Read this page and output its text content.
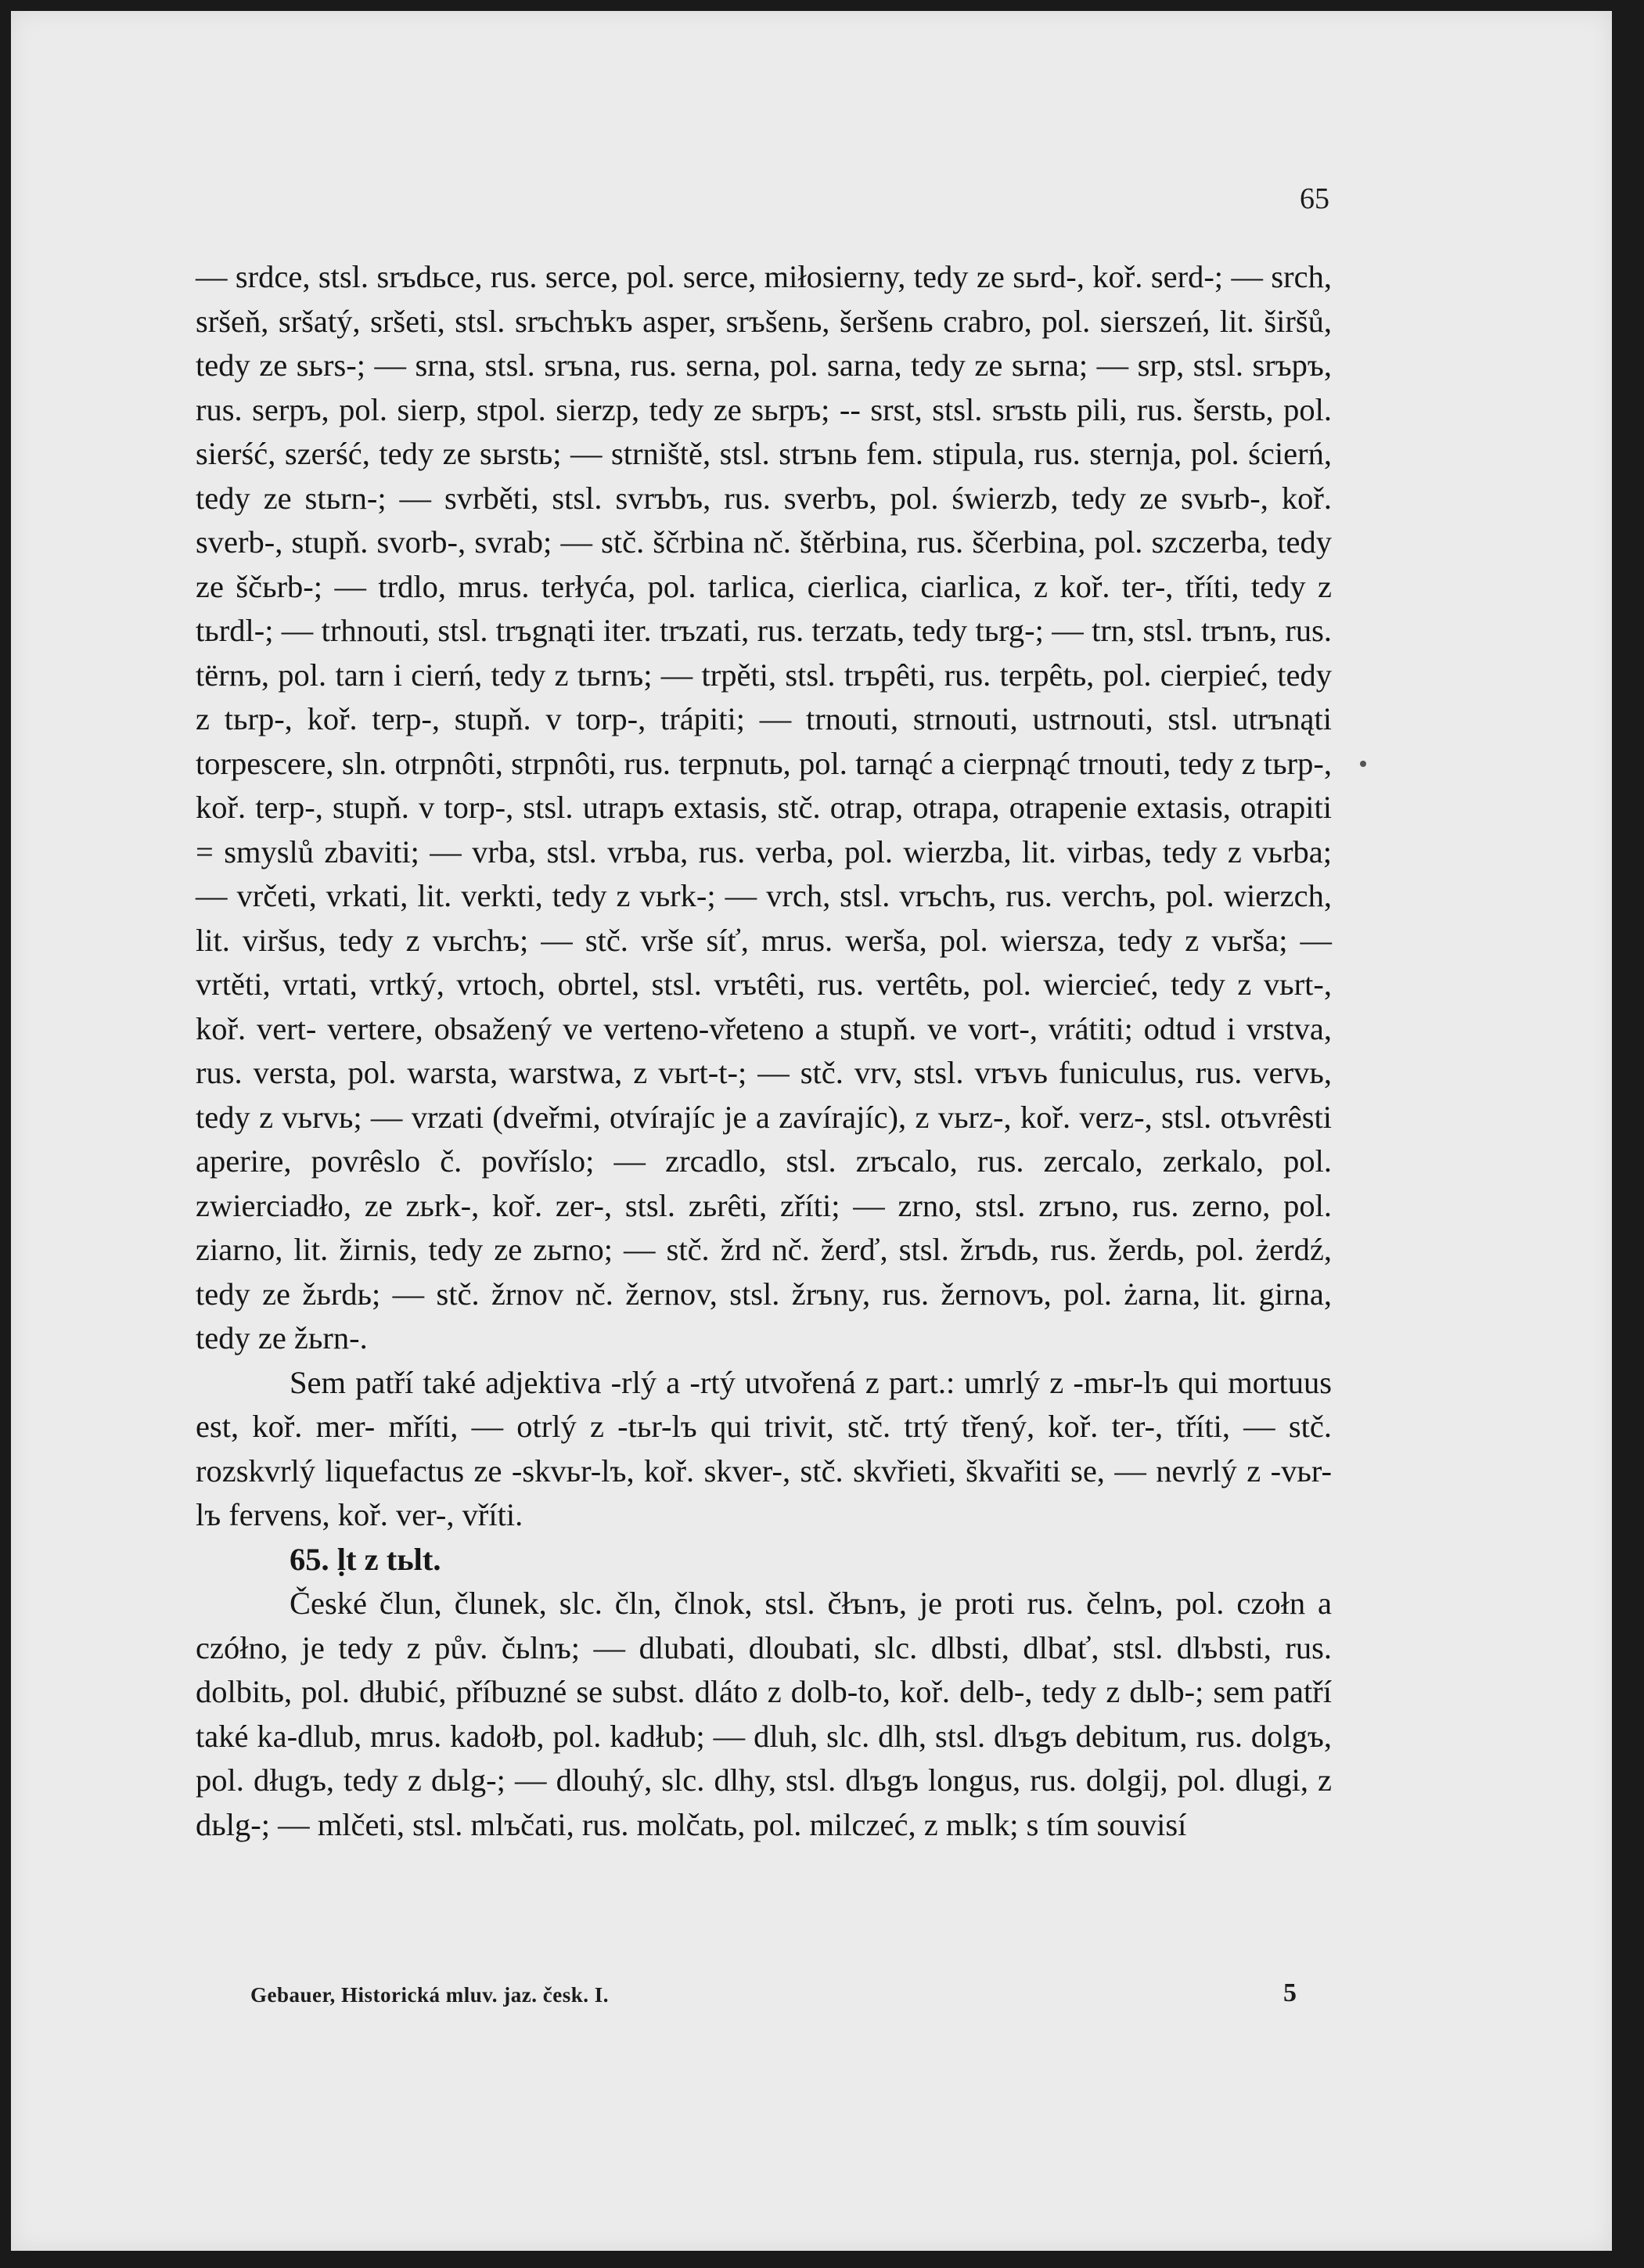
65

— srdce, stsl. srъdьce, rus. serce, pol. serce, miłosierny, tedy ze sьrd-, koř. serd-; — srch, sršeň, sršatý, sršeti, stsl. srъchъkъ asper, srъšenь, šeršenь crabro, pol. sierszeń, lit. širšů, tedy ze sьrs-; — srna, stsl. srъna, rus. serna, pol. sarna, tedy ze sьrna; — srp, stsl. srъpъ, rus. serpъ, pol. sierp, stpol. sierzp, tedy ze sьrpъ; -- srst, stsl. srъstь pili, rus. šerstь, pol. sierść, szerść, tedy ze sьrstь; — strniště, stsl. strъnь fem. stipula, rus. sternja, pol. ścierń, tedy ze stьrn-; — svrběti, stsl. svrъbъ, rus. sverbъ, pol. świerzb, tedy ze svьrb-, koř. sverb-, stupň. svorb-, svrab; — stč. ščrbina nč. štěrbina, rus. ščerbina, pol. szczerba, tedy ze ščьrb-; — trdlo, mrus. terłyća, pol. tarlica, cierlica, ciarlica, z koř. ter-, tříti, tedy z tьrdl-; — trhnouti, stsl. trъgnąti iter. trъzati, rus. terzatь, tedy tьrg-; — trn, stsl. trъnъ, rus. tërnъ, pol. tarn i cierń, tedy z tьrnъ; — trpěti, stsl. trъpêti, rus. terpêtь, pol. cierpieć, tedy z tьrp-, koř. terp-, stupň. v torp-, trápiti; — trnouti, strnouti, ustrnouti, stsl. utrъnąti torpescere, sln. otrpnôti, strpnôti, rus. terpnutь, pol. tarnąć a cierpnąć trnouti, tedy z tьrp-, koř. terp-, stupň. v torp-, stsl. utrapъ extasis, stč. otrap, otrapa, otrapenie extasis, otrapiti = smyslů zbaviti; — vrba, stsl. vrъba, rus. verba, pol. wierzba, lit. virbas, tedy z vьrba; — vrčeti, vrkati, lit. verkti, tedy z vьrk-; — vrch, stsl. vrъchъ, rus. verchъ, pol. wierzch, lit. viršus, tedy z vьrchъ; — stč. vrše síť, mrus. werša, pol. wiersza, tedy z vьrša; — vrtěti, vrtati, vrtký, vrtoch, obrtel, stsl. vrъtêti, rus. vertêtь, pol. wiercieć, tedy z vьrt-, koř. vert- vertere, obsažený ve verteno-vřeteno a stupň. ve vort-, vrátiti; odtud i vrstva, rus. versta, pol. warsta, warstwa, z vьrt-t-; — stč. vrv, stsl. vrъvь funiculus, rus. vervь, tedy z vьrvь; — vrzati (dveřmi, otvírajíc je a zavírajíc), z vьrz-, koř. verz-, stsl. otъvrêsti aperire, povrêslo č. povříslo; — zrcadlo, stsl. zrъcalo, rus. zercalo, zerkalo, pol. zwierciadło, ze zьrk-, koř. zer-, stsl. zьrêti, zříti; — zrno, stsl. zrъno, rus. zerno, pol. ziarno, lit. žirnis, tedy ze zьrno; — stč. žrd nč. žerď, stsl. žrъdь, rus. žerdь, pol. żerdź, tedy ze žьrdь; — stč. žrnov nč. žernov, stsl. žrъny, rus. žernovъ, pol. żarna, lit. girna, tedy ze žьrn-.

Sem patří také adjektiva -rlý a -rtý utvořená z part.: umrlý z -mьr-lъ qui mortuus est, koř. mer- mříti, — otrlý z -tьr-lъ qui trivit, stč. trtý třený, koř. ter-, tříti, — stč. rozskvrlý liquefactus ze -skvьr-lъ, koř. skver-, stč. skvřieti, škvařiti se, — nevrlý z -vьr-lъ fervens, koř. ver-, vříti.

65. ḷt z tьlt.

České člun, člunek, slc. čln, člnok, stsl. čłъnъ, je proti rus. čelnъ, pol. czołn a czółno, je tedy z pův. čьlnъ; — dlubati, dloubati, slc. dlbsti, dlbať, stsl. dlъbsti, rus. dolbitь, pol. dłubić, příbuzné se subst. dláto z dolb-to, koř. delb-, tedy z dьlb-; sem patří také ka-dlub, mrus. kadołb, pol. kadłub; — dluh, slc. dlh, stsl. dlъgъ debitum, rus. dolgъ, pol. długъ, tedy z dьlg-; — dlouhý, slc. dlhy, stsl. dlъgъ longus, rus. dolgij, pol. dlugi, z dьlg-; — mlčeti, stsl. mlъčati, rus. molčatь, pol. milczeć, z mьlk; s tím souvisí

Gebauer, Historická mluv. jaz. česk. I.	5
